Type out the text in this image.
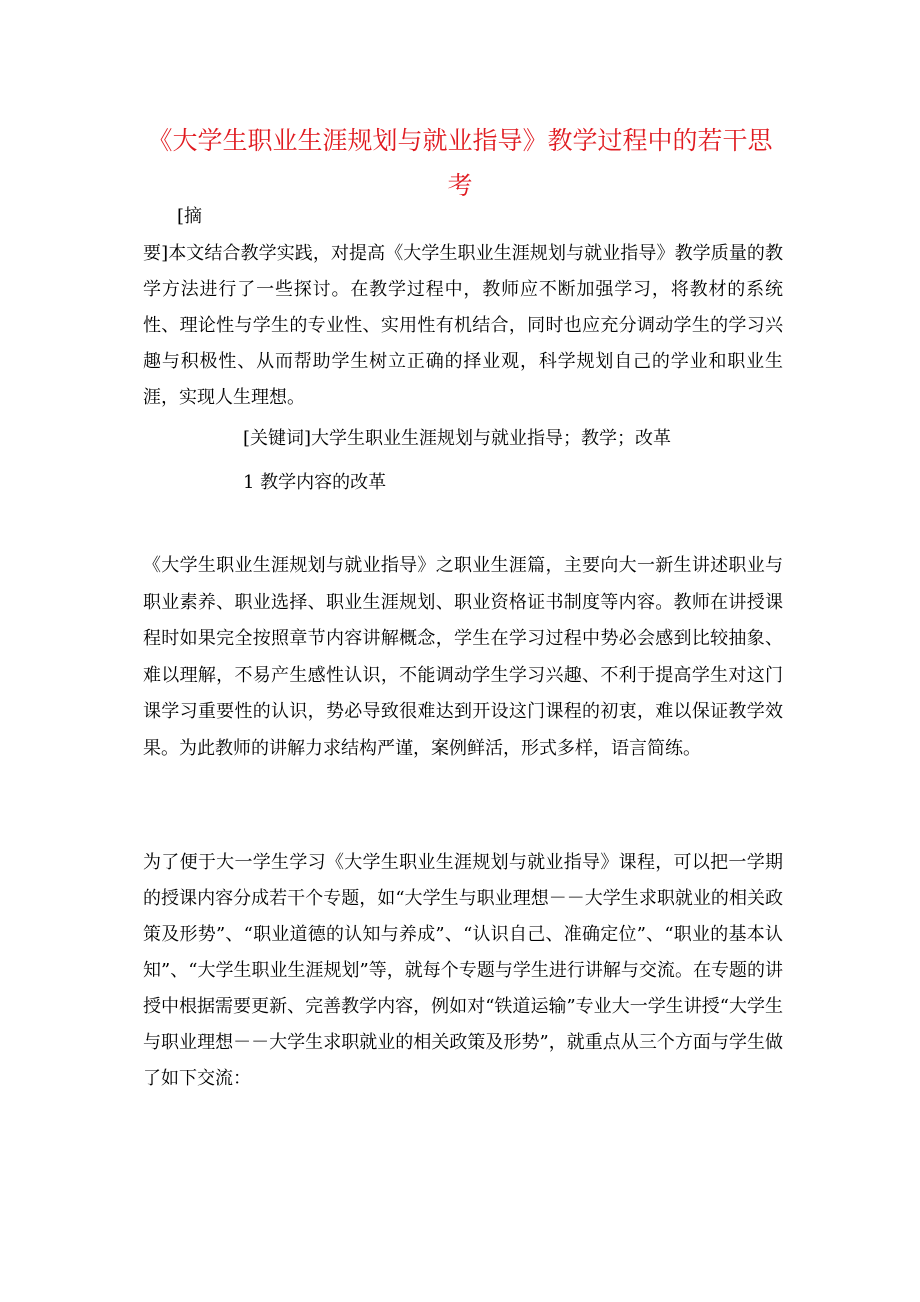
《大学生职业生涯规划与就业指导》教学过程中的若干思
考

[摘

要]本文结合教学实践，对提高《大学生职业生涯规划与就业指导》教学质量的教学方法进行了一些探讨。在教学过程中，教师应不断加强学习，将教材的系统性、理论性与学生的专业性、实用性有机结合，同时也应充分调动学生的学习兴趣与积极性、从而帮助学生树立正确的择业观，科学规划自己的学业和职业生涯，实现人生理想。

[关键词]大学生职业生涯规划与就业指导；教学；改革

1 教学内容的改革

《大学生职业生涯规划与就业指导》之职业生涯篇，主要向大一新生讲述职业与职业素养、职业选择、职业生涯规划、职业资格证书制度等内容。教师在讲授课程时如果完全按照章节内容讲解概念，学生在学习过程中势必会感到比较抽象、难以理解，不易产生感性认识，不能调动学生学习兴趣、不利于提高学生对这门课学习重要性的认识，势必导致很难达到开设这门课程的初衷，难以保证教学效果。为此教师的讲解力求结构严谨，案例鲜活，形式多样，语言简练。

为了便于大一学生学习《大学生职业生涯规划与就业指导》课程，可以把一学期的授课内容分成若干个专题，如“大学生与职业理想－－大学生求职就业的相关政策及形势”、“职业道德的认知与养成”、“认识自己、准确定位”、“职业的基本认知”、“大学生职业生涯规划”等，就每个专题与学生进行讲解与交流。在专题的讲授中根据需要更新、完善教学内容，例如对“铁道运输”专业大一学生讲授“大学生与职业理想－－大学生求职就业的相关政策及形势”，就重点从三个方面与学生做了如下交流：
